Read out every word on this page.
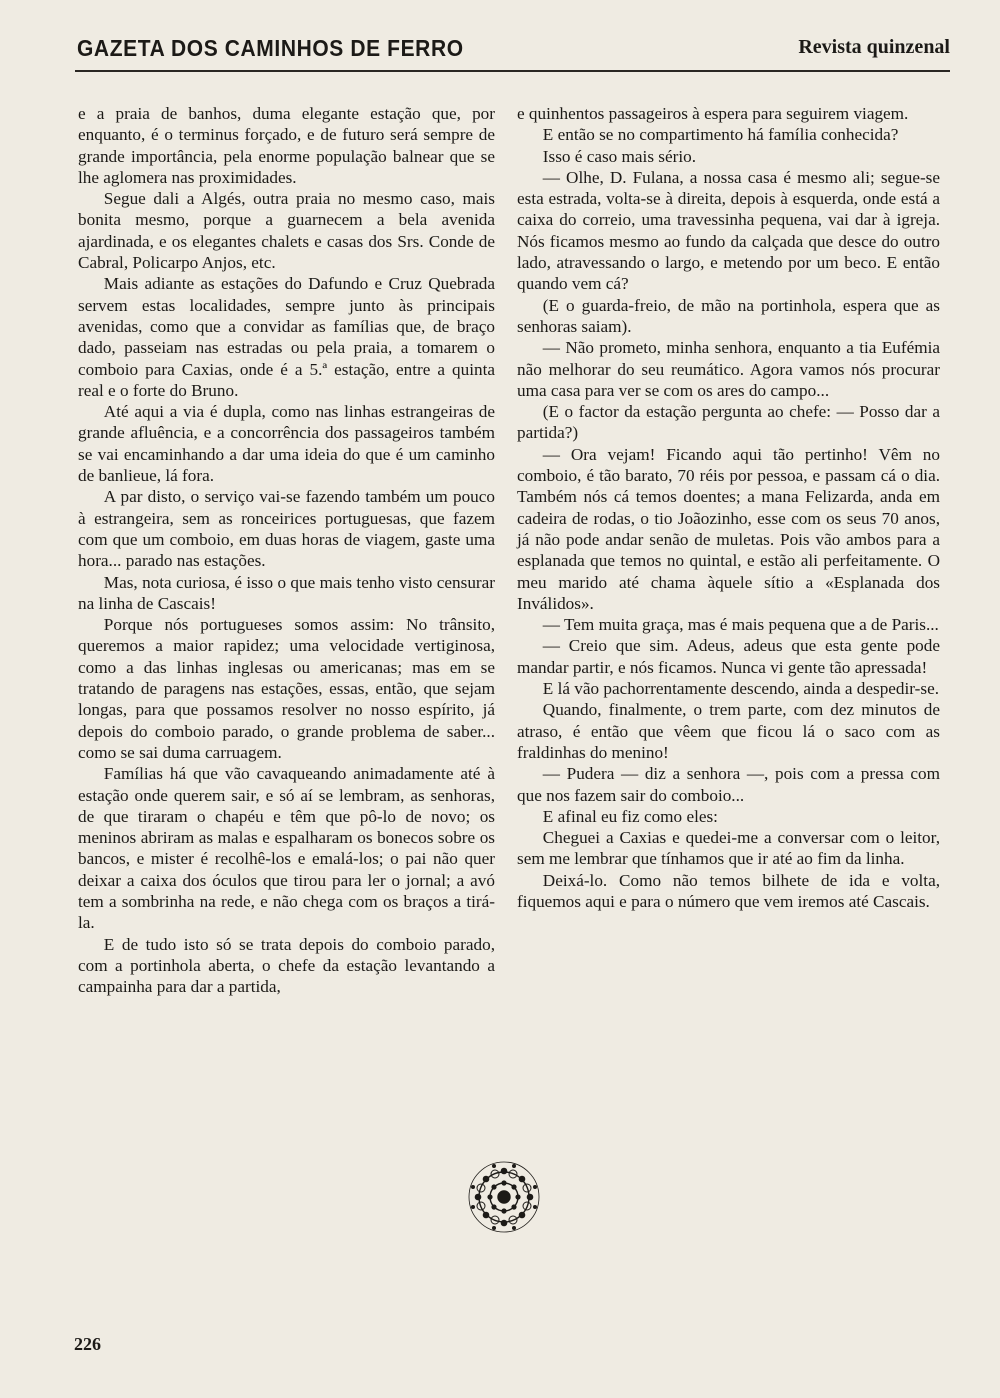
GAZETA DOS CAMINHOS DE FERRO	Revista quinzenal

e a praia de banhos, duma elegante estação que, por enquanto, é o terminus forçado, e de futuro será sempre de grande importância, pela enorme população balnear que se lhe aglomera nas proximidades.

Segue dali a Algés, outra praia no mesmo caso, mais bonita mesmo, porque a guarnecem a bela avenida ajardinada, e os elegantes chalets e casas dos Srs. Conde de Cabral, Policarpo Anjos, etc.

Mais adiante as estações do Dafundo e Cruz Quebrada servem estas localidades, sempre junto às principais avenidas, como que a convidar as famílias que, de braço dado, passeiam nas estradas ou pela praia, a tomarem o comboio para Caxias, onde é a 5.ª estação, entre a quinta real e o forte do Bruno.

Até aqui a via é dupla, como nas linhas estrangeiras de grande afluência, e a concorrência dos passageiros também se vai encaminhando a dar uma ideia do que é um caminho de banlieue, lá fora.

A par disto, o serviço vai-se fazendo também um pouco à estrangeira, sem as ronceirices portuguesas, que fazem com que um comboio, em duas horas de viagem, gaste uma hora... parado nas estações.

Mas, nota curiosa, é isso o que mais tenho visto censurar na linha de Cascais!

Porque nós portugueses somos assim: No trânsito, queremos a maior rapidez; uma velocidade vertiginosa, como a das linhas inglesas ou americanas; mas em se tratando de paragens nas estações, essas, então, que sejam longas, para que possamos resolver no nosso espírito, já depois do comboio parado, o grande problema de saber... como se sai duma carruagem.

Famílias há que vão cavaqueando animadamente até à estação onde querem sair, e só aí se lembram, as senhoras, de que tiraram o chapéu e têm que pô-lo de novo; os meninos abriram as malas e espalharam os bonecos sobre os bancos, e mister é recolhê-los e emalá-los; o pai não quer deixar a caixa dos óculos que tirou para ler o jornal; a avó tem a sombrinha na rede, e não chega com os braços a tirá-la.

E de tudo isto só se trata depois do comboio parado, com a portinhola aberta, o chefe da estação levantando a campainha para dar a partida,

e quinhentos passageiros à espera para seguirem viagem.

E então se no compartimento há família conhecida?

Isso é caso mais sério.

— Olhe, D. Fulana, a nossa casa é mesmo ali; segue-se esta estrada, volta-se à direita, depois à esquerda, onde está a caixa do correio, uma travessinha pequena, vai dar à igreja. Nós ficamos mesmo ao fundo da calçada que desce do outro lado, atravessando o largo, e metendo por um beco. E então quando vem cá?

(E o guarda-freio, de mão na portinhola, espera que as senhoras saiam).

— Não prometo, minha senhora, enquanto a tia Eufémia não melhorar do seu reumático. Agora vamos nós procurar uma casa para ver se com os ares do campo...

(E o factor da estação pergunta ao chefe: — Posso dar a partida?)

— Ora vejam! Ficando aqui tão pertinho! Vêm no comboio, é tão barato, 70 réis por pessoa, e passam cá o dia. Também nós cá temos doentes; a mana Felizarda, anda em cadeira de rodas, o tio Joãozinho, esse com os seus 70 anos, já não pode andar senão de muletas. Pois vão ambos para a esplanada que temos no quintal, e estão ali perfeitamente. O meu marido até chama àquele sítio a «Esplanada dos Inválidos».

— Tem muita graça, mas é mais pequena que a de Paris...

— Creio que sim. Adeus, adeus que esta gente pode mandar partir, e nós ficamos. Nunca vi gente tão apressada!

E lá vão pachorrentamente descendo, ainda a despedir-se.

Quando, finalmente, o trem parte, com dez minutos de atraso, é então que vêem que ficou lá o saco com as fraldinhas do menino!

— Pudera — diz a senhora —, pois com a pressa com que nos fazem sair do comboio...

E afinal eu fiz como eles:

Cheguei a Caxias e quedei-me a conversar com o leitor, sem me lembrar que tínhamos que ir até ao fim da linha.

Deixá-lo. Como não temos bilhete de ida e volta, fiquemos aqui e para o número que vem iremos até Cascais.

226
